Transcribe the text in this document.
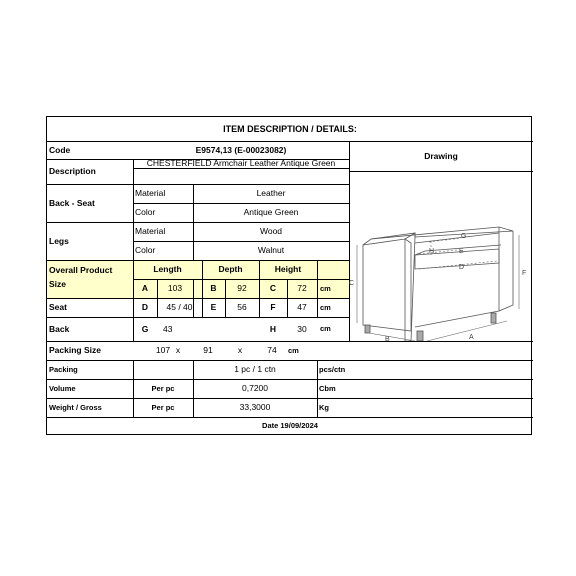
ITEM DESCRIPTION / DETAILS:
Code	E9574,13 (E-00023082)
Drawing
Description
CHESTERFIELD Armchair Leather Antique Green
Back - Seat
Material	Leather
Color	Antique Green
Legs
Material	Wood
Color	Walnut
Overall Product
Size
Length	Depth	Height
A	103	B	92	C	72	cm
Seat	D	45 / 40	E	56	F	47	cm
Back	G	43	H	30	cm
Packing Size	107 x	91	x	74	cm
Packing	1 pc / 1 ctn	pcs/ctn
Volume	Per pc	0,7200	Cbm
Weight / Gross	Per pc	33,3000	Kg
Date 19/09/2024
G
E
H
D
F
C
B	A
